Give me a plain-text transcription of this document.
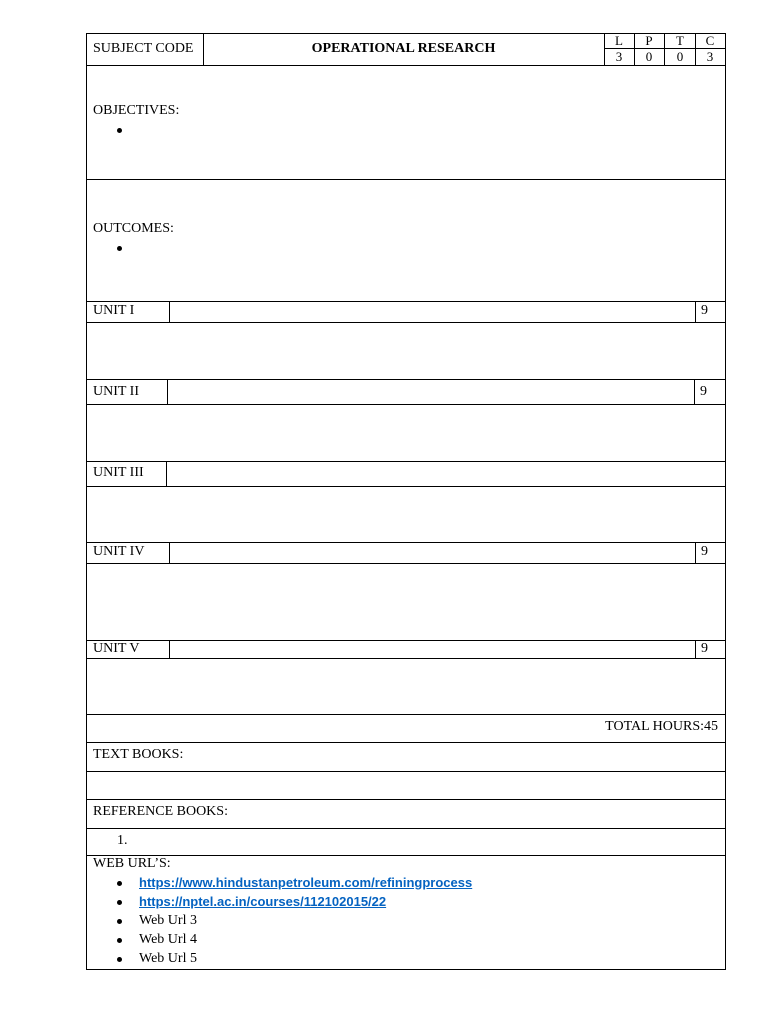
SUBJECT CODE	OPERATIONAL RESEARCH
L	P	T	C
3	0	0	3
OBJECTIVES:
OUTCOMES:
UNIT I	9
UNIT II	9
UNIT III
UNIT IV	9
UNIT V	9
TOTAL HOURS:45
TEXT BOOKS:
REFERENCE BOOKS:
1.
WEB URL’S:
https://www.hindustanpetroleum.com/refiningprocess
https://nptel.ac.in/courses/112102015/22
Web Url 3
Web Url 4
Web Url 5
